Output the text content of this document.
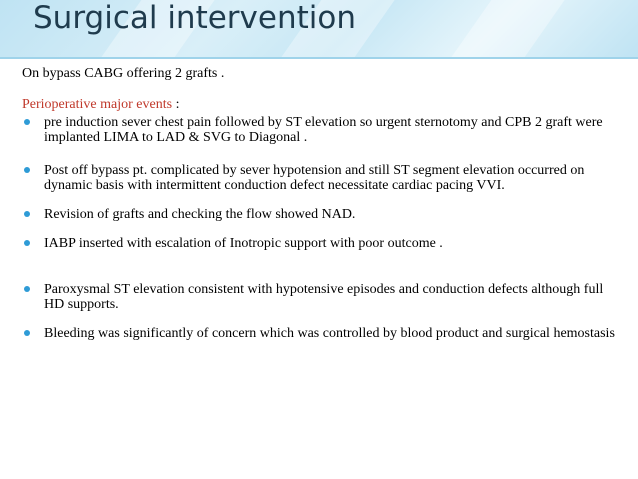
Surgical intervention

On bypass CABG offering 2 grafts .

Perioperative major events :

pre induction sever chest pain followed by ST elevation so urgent sternotomy and CPB 2 graft were implanted LIMA to LAD & SVG to Diagonal .
Post off bypass pt. complicated by sever hypotension and still ST segment elevation occurred on dynamic basis with intermittent conduction defect necessitate cardiac pacing VVI.
Revision of grafts and checking the flow showed NAD.
IABP inserted with escalation of Inotropic support with poor outcome .
Paroxysmal ST elevation consistent with hypotensive episodes and conduction defects although full HD supports.
Bleeding was significantly of concern which was controlled by blood product and surgical hemostasis
